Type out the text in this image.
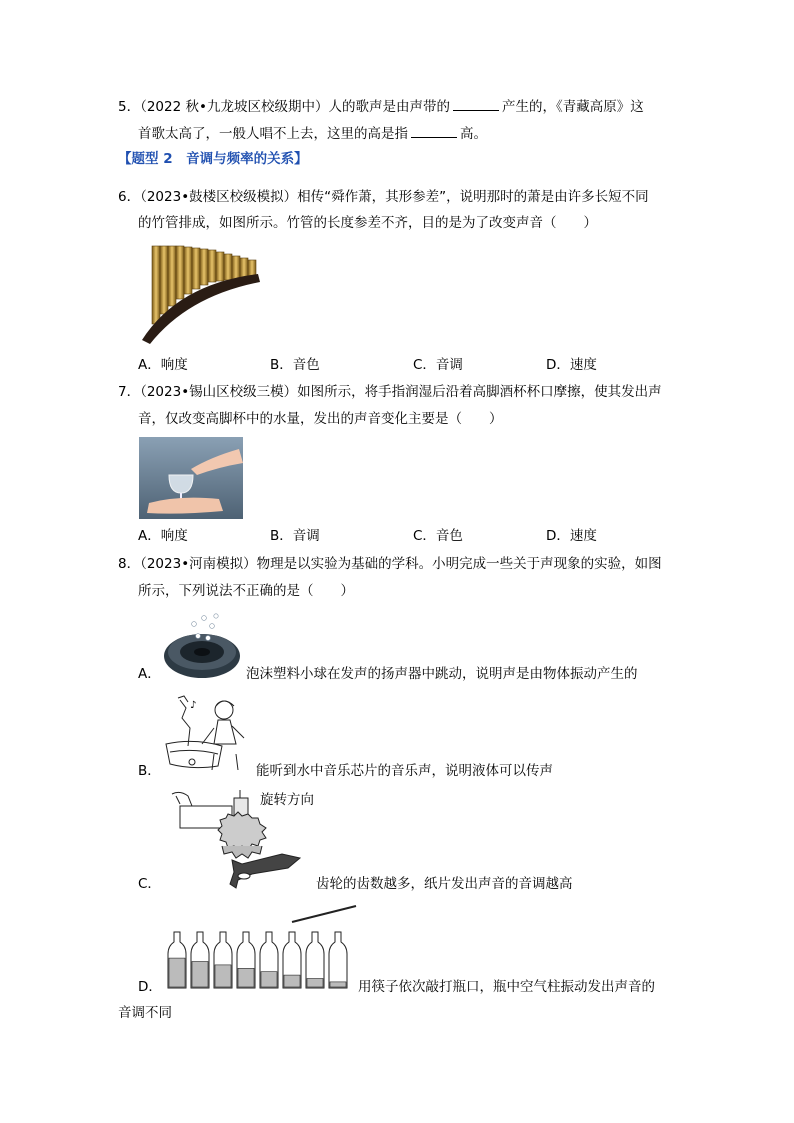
5．（2022 秋•九龙坡区校级期中）人的歌声是由声带的	产生的，《青藏高原》这
首歌太高了，一般人唱不上去，这里的高是指	高。
【题型 2　音调与频率的关系】
6．（2023•鼓楼区校级模拟）相传“舜作萧，其形参差”，说明那时的萧是由许多长短不同
的竹管排成，如图所示。竹管的长度参差不齐，目的是为了改变声音（　　）
A．响度	B．音色	C．音调	D．速度
7．（2023•锡山区校级三模）如图所示，将手指润湿后沿着高脚酒杯杯口摩擦，使其发出声
音，仅改变高脚杯中的水量，发出的声音变化主要是（　　）
A．响度	B．音调	C．音色	D．速度
8．（2023•河南模拟）物理是以实验为基础的学科。小明完成一些关于声现象的实验，如图
所示，下列说法不正确的是（　　）
A．	泡沫塑料小球在发声的扬声器中跳动，说明声是由物体振动产生的
♪
B．	能听到水中音乐芯片的音乐声，说明液体可以传声
旋转方向
C．	齿轮的齿数越多，纸片发出声音的音调越高
D．	用筷子依次敲打瓶口，瓶中空气柱振动发出声音的
音调不同
